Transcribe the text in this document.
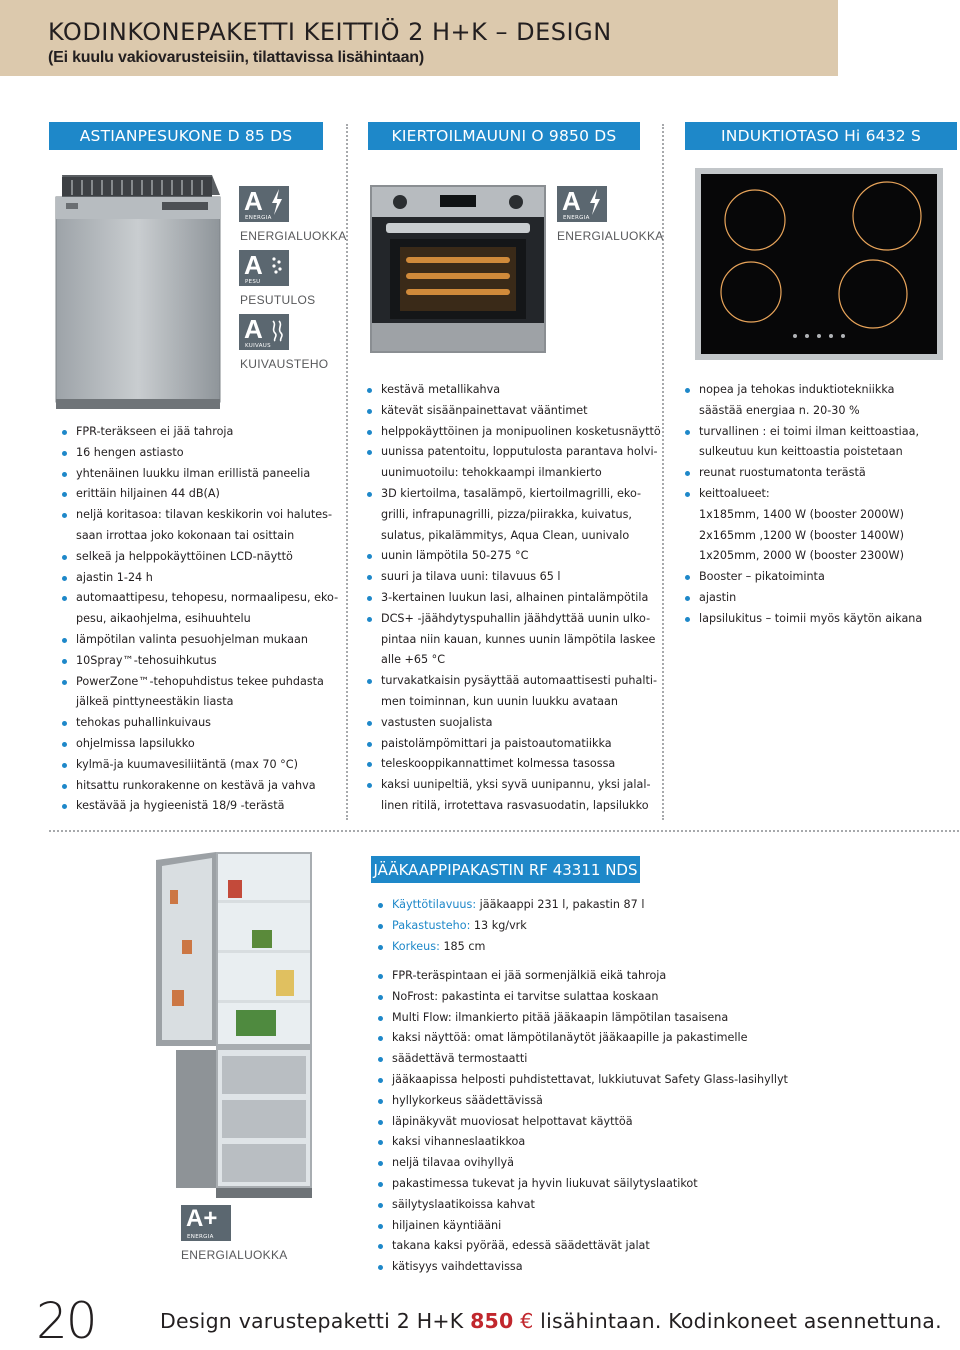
KODINKONEPAKETTI KEITTIÖ 2 H+K – DESIGN
(Ei kuulu vakiovarusteisiin, tilattavissa lisähintaan)
ASTIANPESUKONE D 85 DS	KIERTOILMAUUNI O 9850 DS	INDUKTIOTASO Hi 6432 S
A
ENERGIA
ENERGIALUOKKA
A
PESU
PESUTULOS
A
KUIVAUS
KUIVAUSTEHO
FPR-teräkseen ei jää tahroja
16 hengen astiasto
yhtenäinen luukku ilman erillistä paneelia
erittäin hiljainen 44 dB(A)
neljä koritasoa: tilavan keskikorin voi halutes-
saan irrottaa joko kokonaan tai osittain
selkeä ja helppokäyttöinen LCD-näyttö
ajastin 1-24 h
automaattipesu, tehopesu, normaalipesu, eko-
pesu, aikaohjelma, esihuuhtelu
lämpötilan valinta pesuohjelman mukaan
10Spray™-tehosuihkutus
PowerZone™-tehopuhdistus tekee puhdasta
jälkeä pinttyneestäkin liasta
tehokas puhallinkuivaus
ohjelmissa lapsilukko
kylmä-ja kuumavesiliitäntä (max 70 °C)
hitsattu runkorakenne on kestävä ja vahva
kestävää ja hygieenistä 18/9 -terästä
A
ENERGIA
ENERGIALUOKKA
kestävä metallikahva
kätevät sisäänpainettavat vääntimet
helppokäyttöinen ja monipuolinen kosketusnäyttö
uunissa patentoitu, lopputulosta parantava holvi-
uunimuotoilu: tehokkaampi ilmankierto
3D kiertoilma, tasalämpö, kiertoilmagrilli, eko-
grilli, infrapunagrilli, pizza/piirakka, kuivatus,
sulatus, pikalämmitys, Aqua Clean, uunivalo
uunin lämpötila 50-275 °C
suuri ja tilava uuni: tilavuus 65 l
3-kertainen luukun lasi, alhainen pintalämpötila
DCS+ -jäähdytyspuhallin jäähdyttää uunin ulko-
pintaa niin kauan, kunnes uunin lämpötila laskee
alle +65 °C
turvakatkaisin pysäyttää automaattisesti puhalti-
men toiminnan, kun uunin luukku avataan
vastusten suojalista
paistolämpömittari ja paistoautomatiikka
teleskooppikannattimet kolmessa tasossa
kaksi uunipeltiä, yksi syvä uunipannu, yksi jalal-
linen ritilä, irrotettava rasvasuodatin, lapsilukko
nopea ja tehokas induktiotekniikka
säästää energiaa n. 20-30 %
turvallinen : ei toimi ilman keittoastiaa,
sulkeutuu kun keittoastia poistetaan
reunat ruostumatonta terästä
keittoalueet:
1x185mm, 1400 W (booster 2000W)
2x165mm ,1200 W (booster 1400W)
1x205mm, 2000 W (booster 2300W)
Booster – pikatoiminta
ajastin
lapsilukitus – toimii myös käytön aikana
A+
ENERGIA
ENERGIALUOKKA
JÄÄKAAPPIPAKASTIN RF 43311 NDS
Käyttötilavuus: jääkaappi 231 l, pakastin 87 l
Pakastusteho: 13 kg/vrk
Korkeus: 185 cm
FPR-teräspintaan ei jää sormenjälkiä eikä tahroja
NoFrost: pakastinta ei tarvitse sulattaa koskaan
Multi Flow: ilmankierto pitää jääkaapin lämpötilan tasaisena
kaksi näyttöä: omat lämpötilanäytöt jääkaapille ja pakastimelle
säädettävä termostaatti
jääkaapissa helposti puhdistettavat, lukkiutuvat Safety Glass-lasihyllyt
hyllykorkeus säädettävissä
läpinäkyvät muoviosat helpottavat käyttöä
kaksi vihanneslaatikkoa
neljä tilavaa ovihyllyä
pakastimessa tukevat ja hyvin liukuvat säilytyslaatikot
säilytyslaatikoissa kahvat
hiljainen käyntiääni
takana kaksi pyörää, edessä säädettävät jalat
kätisyys vaihdettavissa
20	Design varustepaketti 2 H+K 850 € lisähintaan. Kodinkoneet asennettuna.
